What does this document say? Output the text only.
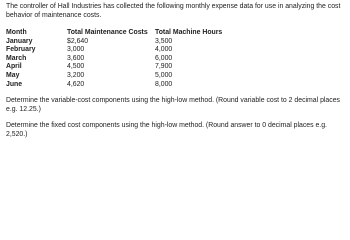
The controller of Hall Industries has collected the following monthly expense data for use in analyzing the cost behavior of maintenance costs.

Month	Total Maintenance Costs	Total Machine Hours
January	$2,640	3,500
February	3,000	4,000
March	3,600	6,000
April	4,500	7,900
May	3,200	5,000
June	4,620	8,000

Determine the variable-cost components using the high-low method. (Round variable cost to 2 decimal places e.g. 12.25.)

Determine the fixed cost components using the high-low method. (Round answer to 0 decimal places e.g. 2,520.)
